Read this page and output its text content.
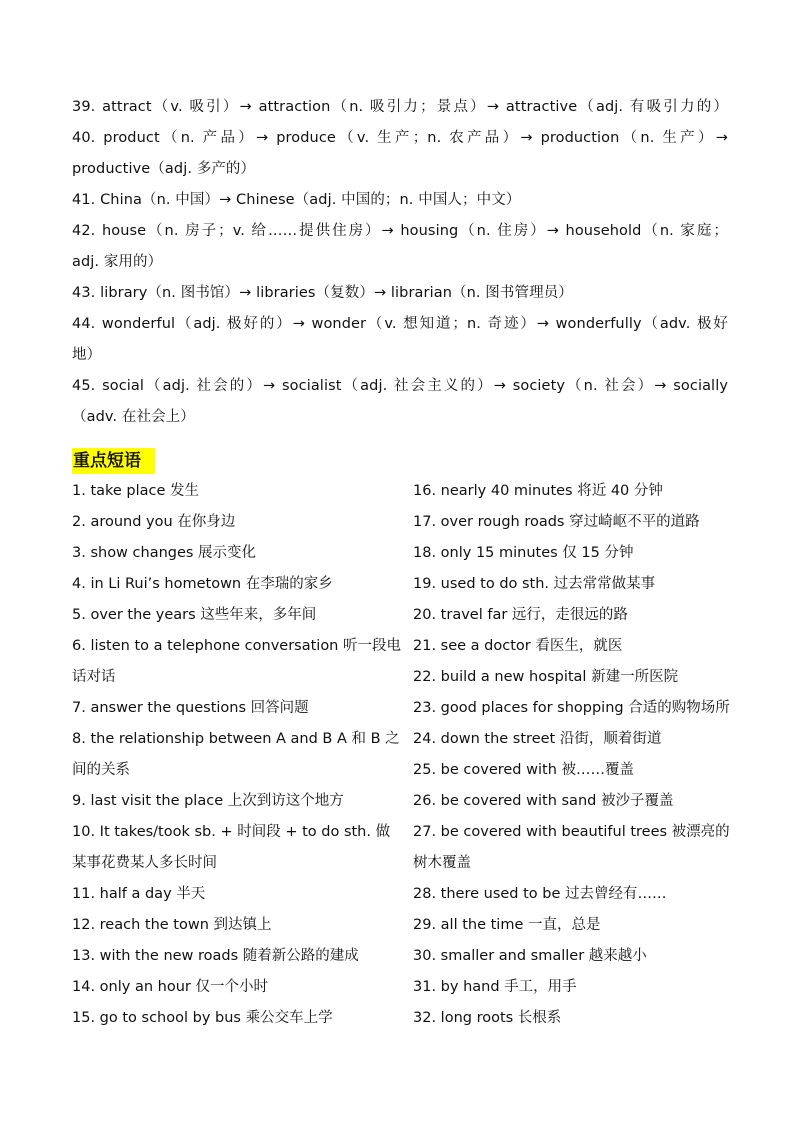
39. attract（v. 吸引）→ attraction（n. 吸引力；景点）→ attractive（adj. 有吸引力的）
40. product（n. 产品）→ produce（v. 生产；n. 农产品）→ production（n. 生产）→
productive（adj. 多产的）
41. China（n. 中国）→ Chinese（adj. 中国的；n. 中国人；中文）
42. house（n. 房子；v. 给……提供住房）→ housing（n. 住房）→ household（n. 家庭；
adj. 家用的）
43. library（n. 图书馆）→ libraries（复数）→ librarian（n. 图书管理员）
44. wonderful（adj. 极好的）→ wonder（v. 想知道；n. 奇迹）→ wonderfully（adv. 极好
地）
45. social（adj. 社会的）→ socialist（adj. 社会主义的）→ society（n. 社会）→ socially
（adv. 在社会上）
重点短语
1. take place 发生
2. around you 在你身边
3. show changes 展示变化
4. in Li Rui’s hometown 在李瑞的家乡
5. over the years 这些年来，多年间
6. listen to a telephone conversation 听一段电
话对话
7. answer the questions 回答问题
8. the relationship between A and B A 和 B 之
间的关系
9. last visit the place 上次到访这个地方
10. It takes/took sb. + 时间段 + to do sth. 做
某事花费某人多长时间
11. half a day 半天
12. reach the town 到达镇上
13. with the new roads 随着新公路的建成
14. only an hour 仅一个小时
15. go to school by bus 乘公交车上学
16. nearly 40 minutes 将近 40 分钟
17. over rough roads 穿过崎岖不平的道路
18. only 15 minutes 仅 15 分钟
19. used to do sth. 过去常常做某事
20. travel far 远行，走很远的路
21. see a doctor 看医生，就医
22. build a new hospital 新建一所医院
23. good places for shopping 合适的购物场所
24. down the street 沿街，顺着街道
25. be covered with 被……覆盖
26. be covered with sand 被沙子覆盖
27. be covered with beautiful trees 被漂亮的
树木覆盖
28. there used to be 过去曾经有……
29. all the time 一直，总是
30. smaller and smaller 越来越小
31. by hand 手工，用手
32. long roots 长根系
